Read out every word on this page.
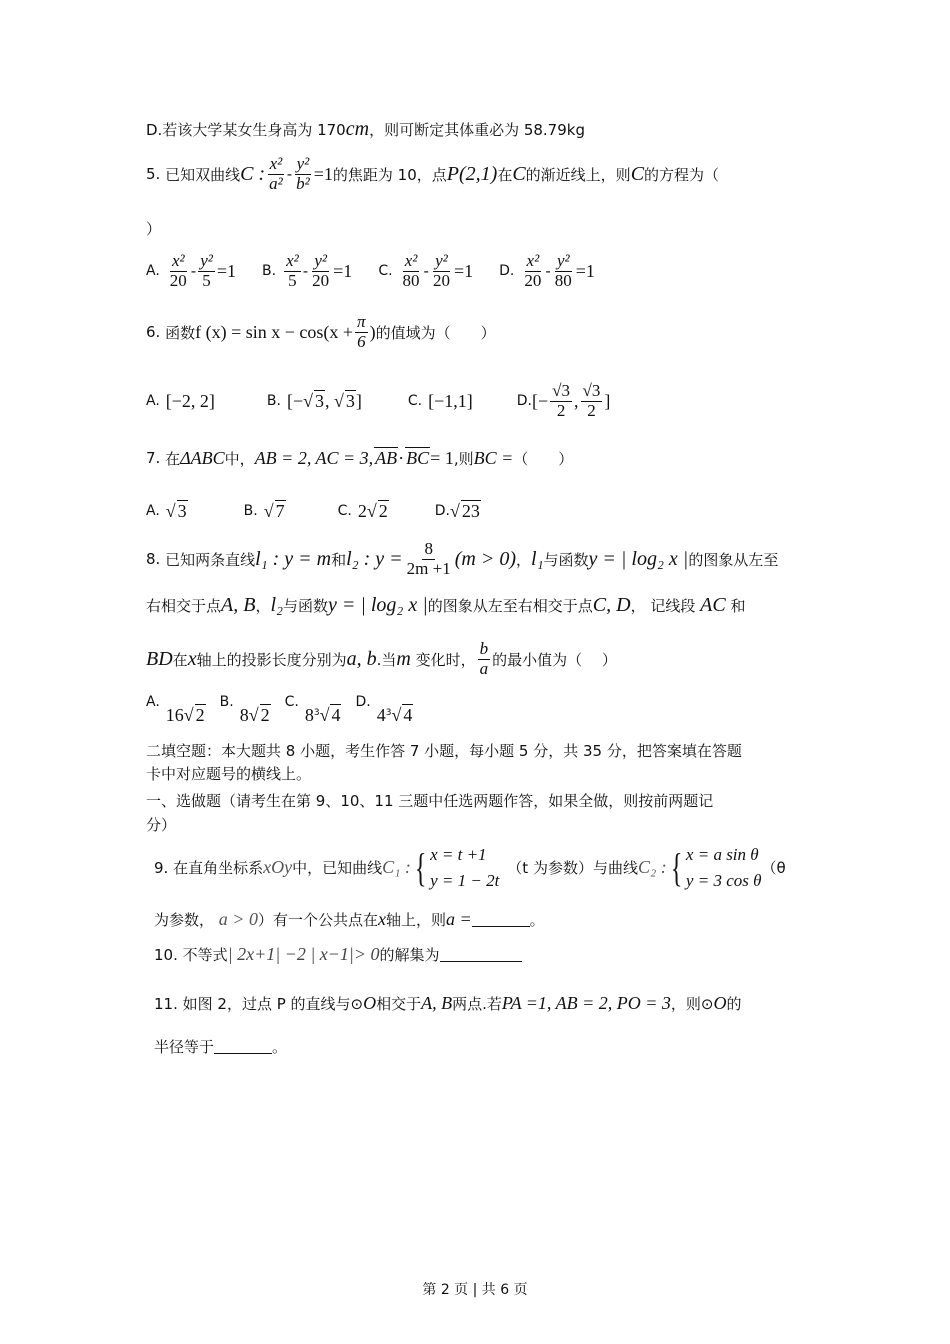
D. 若该大学某女生身高为 170 cm ，则可断定其体重必为 58.79kg
5.
已知双曲线 C : $\frac{\text{x²}}{\text{a²}} - \frac{\text{y²}}{\text{b²}} =1$ 的焦距为 10，点 P(2,1) 在 C 的渐近线上，则 C 的方程为（
）
A. $\frac{\text{x²}}{20} - \frac{\text{y²}}{5} =1$ B. $\frac{\text{x²}}{5} - \frac{\text{y²}}{20} =1$ C. $\frac{\text{x²}}{80} - \frac{\text{y²}}{20} =1$ D. $\frac{\text{x²}}{20} - \frac{\text{y²}}{80} =1$
6.
函数 f $(x) = \sin x - \cos(x + \frac{\pi}{6}$ ) 的值域为（　　）
A. [−2, 2]	B. [−√ 3 , √ 3 ]	C. [−1,1]	D. [− $\frac{√3}{2}$ , $\frac{√3}{2}$ ]
7.
在 ΔABC 中， AB = 2, AC = 3, AB · BC = 1 ,则 BC = （　　）
A. √ 3	B. √ 7	C. 2 √ 2	D. √ 23
8.
已知两条直线 l₁ : y = m 和 l₂ : $y = \frac{8}{2m +1} (m > 0)$ ， l₁ 与函数 y = | log₂ x | 的图象从左至
右相交于点 A, B ， l₂ 与函数 y = | log₂ x | 的图象从左至右相交于点 C, D ， 记线段
AC
和
BD 在 x 轴上的投影长度分别为 a, b .当 m
变化时， $\frac{b}{a}$ 的最小值为（　 ）
A.
16 √ 2
B.
8 √ 2
C.
8 3 √ 4
D.
4 3 √ 4
二填空题：本大题共 8 小题，考生作答 7 小题，每小题 5 分，共 35 分，把答案填在答题
卡中对应题号的横线上。
一、选做题（请考生在第 9、10、11 三题中任选两题作答，如果全做，则按前两题记
分）
9.
在直角坐标系 xOy 中，已知曲线 C₁ : { x = t +1
y = 1 − 2t
（t 为参数）与曲线 C₂ : { x = a sin θ
y = 3 cos θ
（θ
为参数，
a > 0 ）有一个公共点在 x 轴上，则 a =	。
10.
不等式 | 2x+1| −2 | x−1|> 0 的解集为
11.
如图 2，过点 P 的直线与 ⊙ O 相交于 A, B 两点.若 PA =1, AB = 2, PO = 3 ，则 ⊙ O 的
半径等于	。
第 2 页 | 共 6 页
